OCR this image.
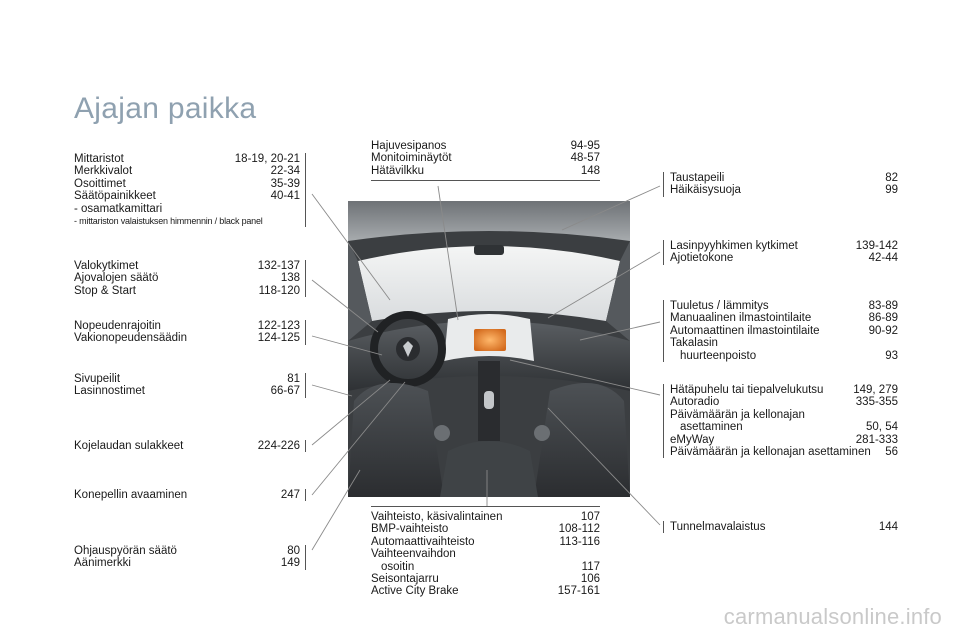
Ajajan paikka
Mittaristot	18-19, 20-21
Merkkivalot	22-34
Osoittimet	35-39
Säätöpainikkeet	40-41
- osamatkamittari
- mittariston valaistuksen himmennin / black panel
Valokytkimet	132-137
Ajovalojen säätö	138
Stop & Start	118-120
Nopeudenrajoitin	122-123
Vakionopeudensäädin	124-125
Sivupeilit	81
Lasinnostimet	66-67
Kojelaudan sulakkeet	224-226
Konepellin avaaminen	247
Ohjauspyörän säätö	80
Äänimerkki	149
Hajuvesipanos	94-95
Monitoiminäytöt	48-57
Hätävilkku	148
Vaihteisto, käsivalintainen	107
BMP-vaihteisto	108-112
Automaattivaihteisto	113-116
Vaihteenvaihdon
osoitin	117
Seisontajarru	106
Active City Brake	157-161
Taustapeili	82
Häikäisysuoja	99
Lasinpyyhkimen kytkimet	139-142
Ajotietokone	42-44
Tuuletus / lämmitys	83-89
Manuaalinen ilmastointilaite	86-89
Automaattinen ilmastointilaite	90-92
Takalasin
huurteenpoisto	93
Hätäpuhelu tai tiepalvelukutsu	149, 279
Autoradio	335-355
Päivämäärän ja kellonajan
asettaminen	50, 54
eMyWay	281-333
Päivämäärän ja kellonajan asettaminen	56
Tunnelmavalaistus	144
carmanualsonline.info
